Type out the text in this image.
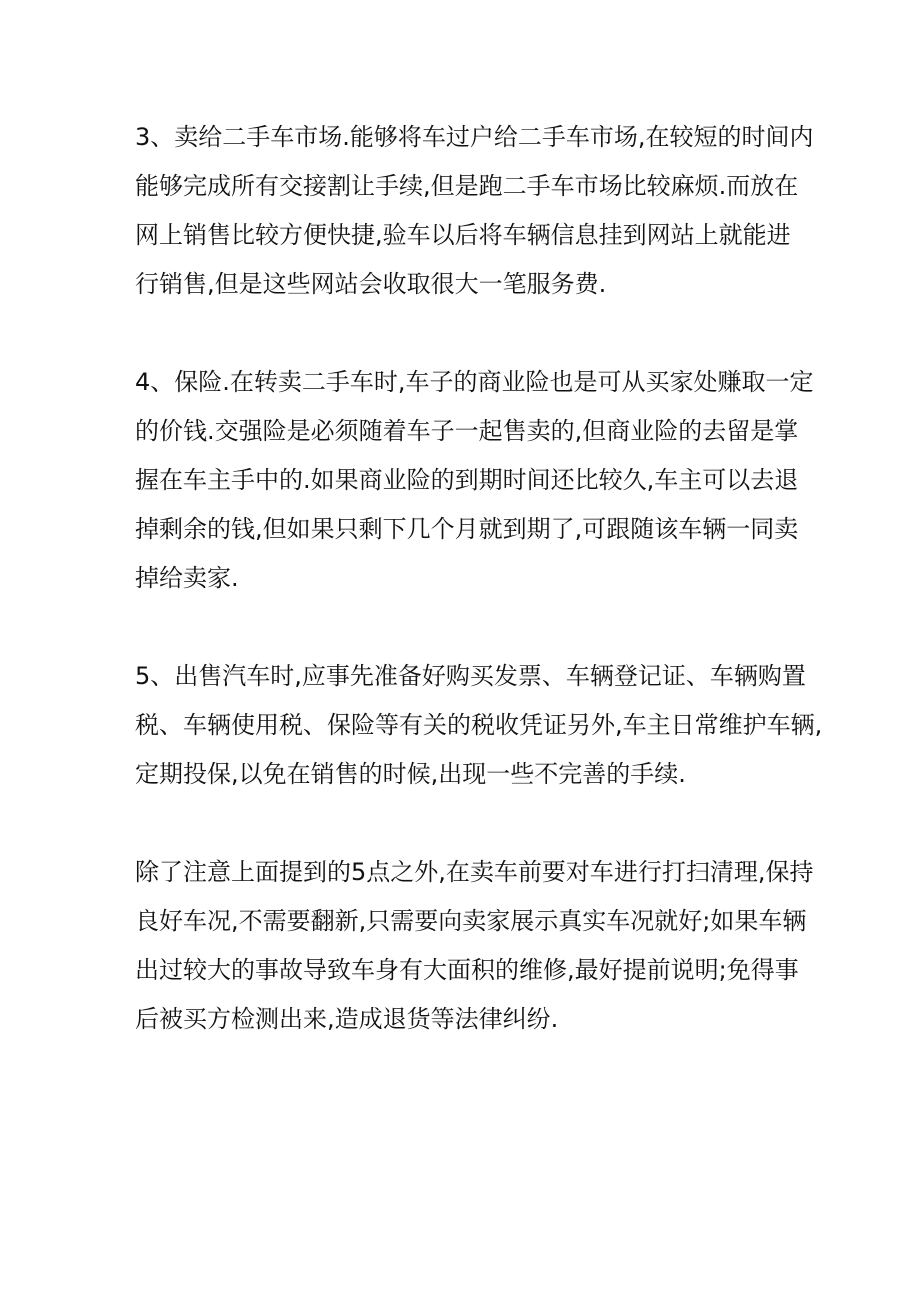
3、卖给二手车市场.能够将车过户给二手车市场,在较短的时间内
能够完成所有交接割让手续,但是跑二手车市场比较麻烦.而放在
网上销售比较方便快捷,验车以后将车辆信息挂到网站上就能进
行销售,但是这些网站会收取很大一笔服务费.

4、保险.在转卖二手车时,车子的商业险也是可从买家处赚取一定
的价钱.交强险是必须随着车子一起售卖的,但商业险的去留是掌
握在车主手中的.如果商业险的到期时间还比较久,车主可以去退
掉剩余的钱,但如果只剩下几个月就到期了,可跟随该车辆一同卖
掉给卖家.

5、出售汽车时,应事先准备好购买发票、车辆登记证、车辆购置
税、车辆使用税、保险等有关的税收凭证另外,车主日常维护车辆,
定期投保,以免在销售的时候,出现一些不完善的手续.

除了注意上面提到的5点之外,在卖车前要对车进行打扫清理,保持
良好车况,不需要翻新,只需要向卖家展示真实车况就好;如果车辆
出过较大的事故导致车身有大面积的维修,最好提前说明;免得事
后被买方检测出来,造成退货等法律纠纷.
